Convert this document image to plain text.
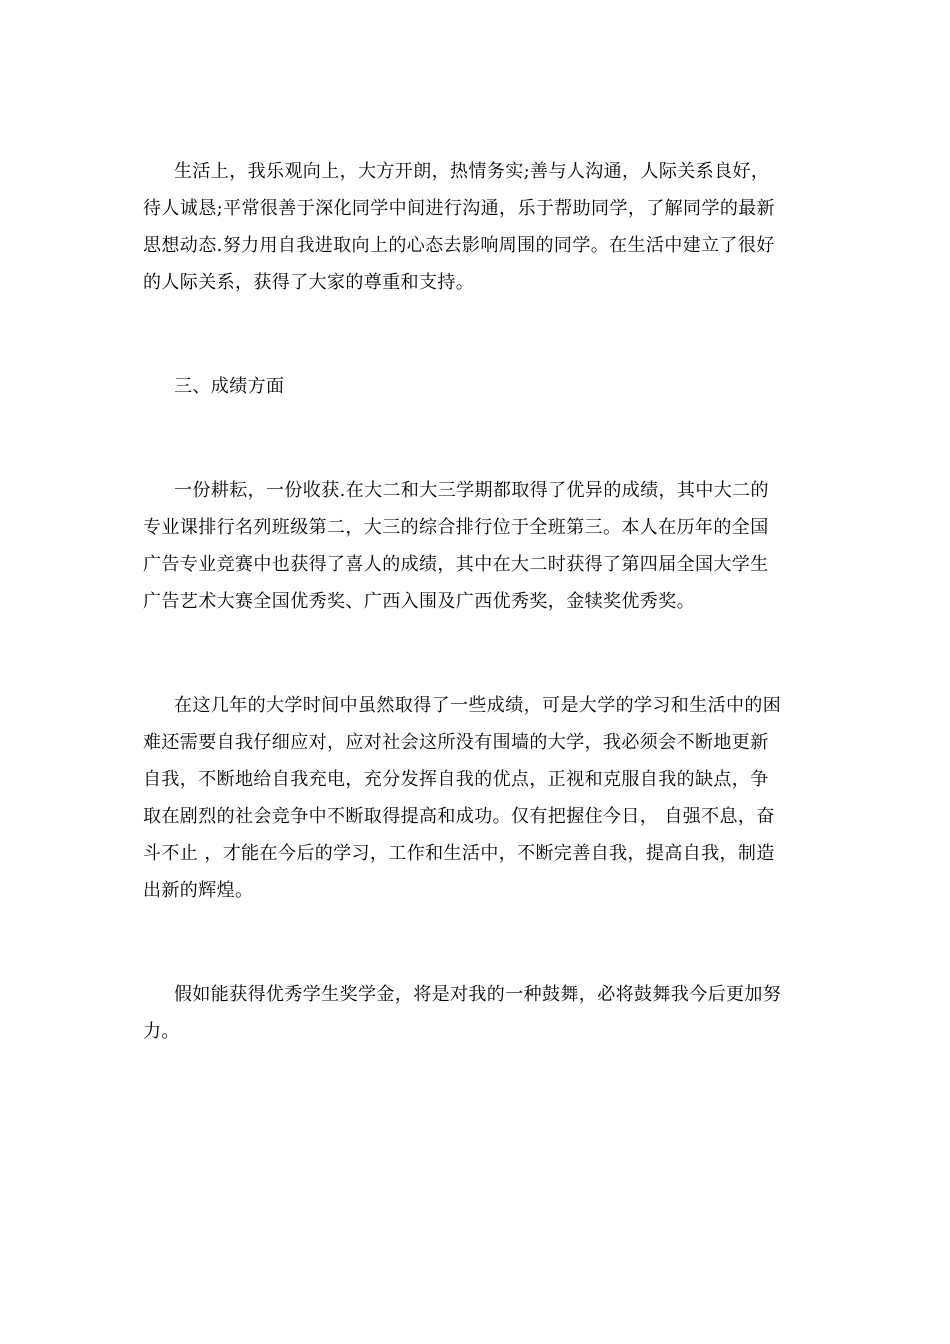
生活上，我乐观向上，大方开朗，热情务实;善与人沟通，人际关系良好，
待人诚恳;平常很善于深化同学中间进行沟通，乐于帮助同学，了解同学的最新
思想动态.努力用自我进取向上的心态去影响周围的同学。在生活中建立了很好
的人际关系，获得了大家的尊重和支持。
三、成绩方面
一份耕耘，一份收获.在大二和大三学期都取得了优异的成绩，其中大二的
专业课排行名列班级第二，大三的综合排行位于全班第三。本人在历年的全国
广告专业竞赛中也获得了喜人的成绩，其中在大二时获得了第四届全国大学生
广告艺术大赛全国优秀奖、广西入围及广西优秀奖，金犊奖优秀奖。
在这几年的大学时间中虽然取得了一些成绩，可是大学的学习和生活中的困
难还需要自我仔细应对，应对社会这所没有围墙的大学，我必须会不断地更新
自我，不断地给自我充电，充分发挥自我的优点，正视和克服自我的缺点，争
取在剧烈的社会竞争中不断取得提高和成功。仅有把握住今日， 自强不息，奋
斗不止 ，才能在今后的学习，工作和生活中，不断完善自我，提高自我，制造
出新的辉煌。
假如能获得优秀学生奖学金，将是对我的一种鼓舞，必将鼓舞我今后更加努
力。
